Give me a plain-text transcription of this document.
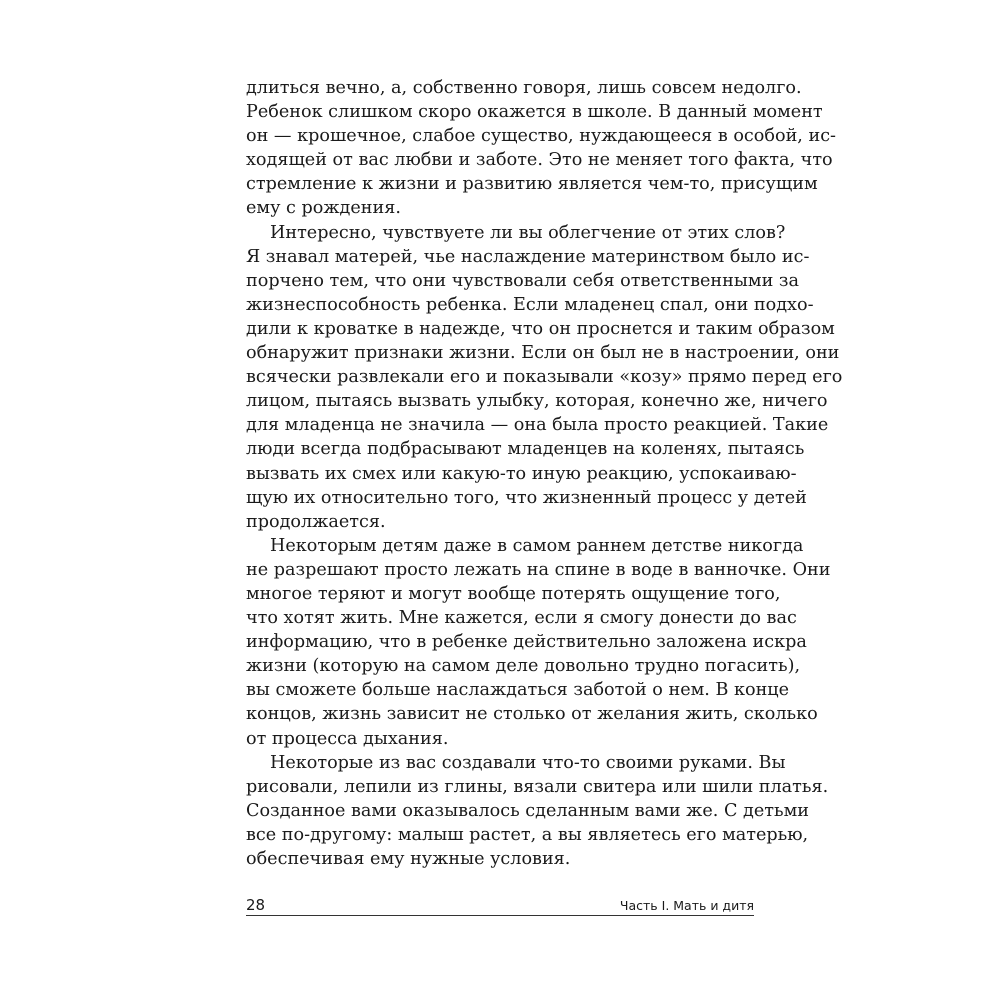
длиться вечно, а, собственно говоря, лишь совсем недолго.
Ребенок слишком скоро окажется в школе. В данный момент
он — крошечное, слабое существо, нуждающееся в особой, ис-
ходящей от вас любви и заботе. Это не меняет того факта, что
стремление к жизни и развитию является чем-то, присущим
ему с рождения.
Интересно, чувствуете ли вы облегчение от этих слов?
Я знавал матерей, чье наслаждение материнством было ис-
порчено тем, что они чувствовали себя ответственными за
жизнеспособность ребенка. Если младенец спал, они подхо-
дили к кроватке в надежде, что он проснется и таким образом
обнаружит признаки жизни. Если он был не в настроении, они
всячески развлекали его и показывали «козу» прямо перед его
лицом, пытаясь вызвать улыбку, которая, конечно же, ничего
для младенца не значила — она была просто реакцией. Такие
люди всегда подбрасывают младенцев на коленях, пытаясь
вызвать их смех или какую-то иную реакцию, успокаиваю-
щую их относительно того, что жизненный процесс у детей
продолжается.
Некоторым детям даже в самом раннем детстве никогда
не разрешают просто лежать на спине в воде в ванночке. Они
многое теряют и могут вообще потерять ощущение того,
что хотят жить. Мне кажется, если я смогу донести до вас
информацию, что в ребенке действительно заложена искра
жизни (которую на самом деле довольно трудно погасить),
вы сможете больше наслаждаться заботой о нем. В конце
концов, жизнь зависит не столько от желания жить, сколько
от процесса дыхания.
Некоторые из вас создавали что-то своими руками. Вы
рисовали, лепили из глины, вязали свитера или шили платья.
Созданное вами оказывалось сделанным вами же. С детьми
все по-другому: малыш растет, а вы являетесь его матерью,
обеспечивая ему нужные условия.
28	Часть I. Мать и дитя
